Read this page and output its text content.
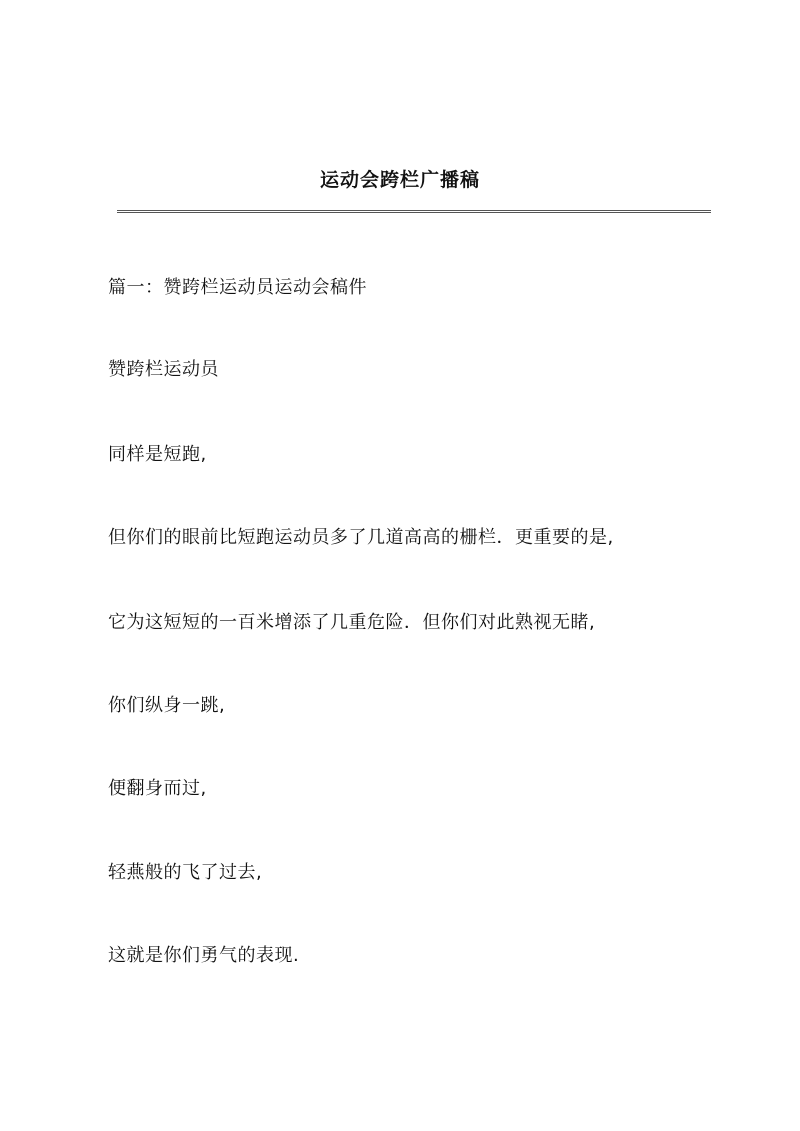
运动会跨栏广播稿
篇一：赞跨栏运动员运动会稿件
赞跨栏运动员
同样是短跑,
但你们的眼前比短跑运动员多了几道高高的栅栏．更重要的是,
它为这短短的一百米增添了几重危险．但你们对此熟视无睹,
你们纵身一跳,
便翻身而过,
轻燕般的飞了过去,
这就是你们勇气的表现.
